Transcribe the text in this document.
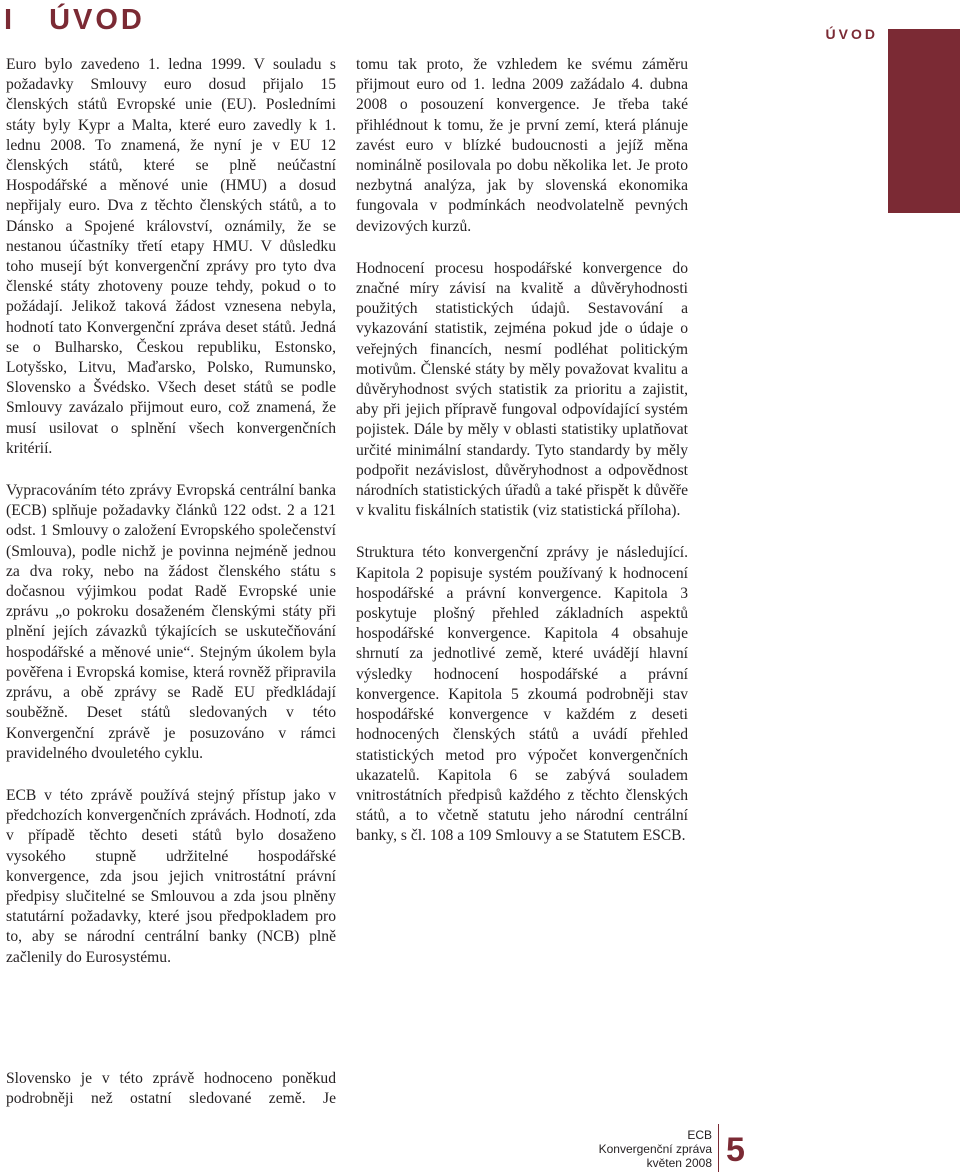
I ÚVOD	ÚVOD

Euro bylo zavedeno 1. ledna 1999. V souladu s požadavky Smlouvy euro dosud přijalo 15 členských států Evropské unie (EU). Posledními státy byly Kypr a Malta, které euro zavedly k 1. lednu 2008. To znamená, že nyní je v EU 12 členských států, které se plně neúčastní Hospodářské a měnové unie (HMU) a dosud nepřijaly euro. Dva z těchto členských států, a to Dánsko a Spojené království, oznámily, že se nestanou účastníky třetí etapy HMU. V důsledku toho musejí být konvergenční zprávy pro tyto dva členské státy zhotoveny pouze tehdy, pokud o to požádají. Jelikož taková žádost vznesena nebyla, hodnotí tato Konvergenční zpráva deset států. Jedná se o Bulharsko, Českou republiku, Estonsko, Lotyšsko, Litvu, Maďarsko, Polsko, Rumunsko, Slovensko a Švédsko. Všech deset států se podle Smlouvy zavázalo přijmout euro, což znamená, že musí usilovat o splnění všech konvergenčních kritérií.

Vypracováním této zprávy Evropská centrální banka (ECB) splňuje požadavky článků 122 odst. 2 a 121 odst. 1 Smlouvy o založení Evropského společenství (Smlouva), podle nichž je povinna nejméně jednou za dva roky, nebo na žádost členského státu s dočasnou výjimkou podat Radě Evropské unie zprávu „o pokroku dosaženém členskými státy při plnění jejích závazků týkajících se uskutečňování hospodářské a měnové unie“. Stejným úkolem byla pověřena i Evropská komise, která rovněž připravila zprávu, a obě zprávy se Radě EU předkládají souběžně. Deset států sledovaných v této Konvergenční zprávě je posuzováno v rámci pravidelného dvouletého cyklu.

ECB v této zprávě používá stejný přístup jako v předchozích konvergenčních zprávách. Hodnotí, zda v případě těchto deseti států bylo dosaženo vysokého stupně udržitelné hospodářské konvergence, zda jsou jejich vnitrostátní právní předpisy slučitelné se Smlouvou a zda jsou plněny statutární požadavky, které jsou předpokladem pro to, aby se národní centrální banky (NCB) plně začlenily do Eurosystému.

Slovensko je v této zprávě hodnoceno poněkud podrobněji než ostatní sledované země. Je

tomu tak proto, že vzhledem ke svému záměru přijmout euro od 1. ledna 2009 zažádalo 4. dubna 2008 o posouzení konvergence. Je třeba také přihlédnout k tomu, že je první zemí, která plánuje zavést euro v blízké budoucnosti a jejíž měna nominálně posilovala po dobu několika let. Je proto nezbytná analýza, jak by slovenská ekonomika fungovala v podmínkách neodvolatelně pevných devizových kurzů.

Hodnocení procesu hospodářské konvergence do značné míry závisí na kvalitě a důvěryhodnosti použitých statistických údajů. Sestavování a vykazování statistik, zejména pokud jde o údaje o veřejných financích, nesmí podléhat politickým motivům. Členské státy by měly považovat kvalitu a důvěryhodnost svých statistik za prioritu a zajistit, aby při jejich přípravě fungoval odpovídající systém pojistek. Dále by měly v oblasti statistiky uplatňovat určité minimální standardy. Tyto standardy by měly podpořit nezávislost, důvěryhodnost a odpovědnost národních statistických úřadů a také přispět k důvěře v kvalitu fiskálních statistik (viz statistická příloha).

Struktura této konvergenční zprávy je následující. Kapitola 2 popisuje systém používaný k hodnocení hospodářské a právní konvergence. Kapitola 3 poskytuje plošný přehled základních aspektů hospodářské konvergence. Kapitola 4 obsahuje shrnutí za jednotlivé země, které uvádějí hlavní výsledky hodnocení hospodářské a právní konvergence. Kapitola 5 zkoumá podrobněji stav hospodářské konvergence v každém z deseti hodnocených členských států a uvádí přehled statistických metod pro výpočet konvergenčních ukazatelů. Kapitola 6 se zabývá souladem vnitrostátních předpisů každého z těchto členských států, a to včetně statutu jeho národní centrální banky, s čl. 108 a 109 Smlouvy a se Statutem ESCB.

ECB
Konvergenční zpráva
květen 2008 5
